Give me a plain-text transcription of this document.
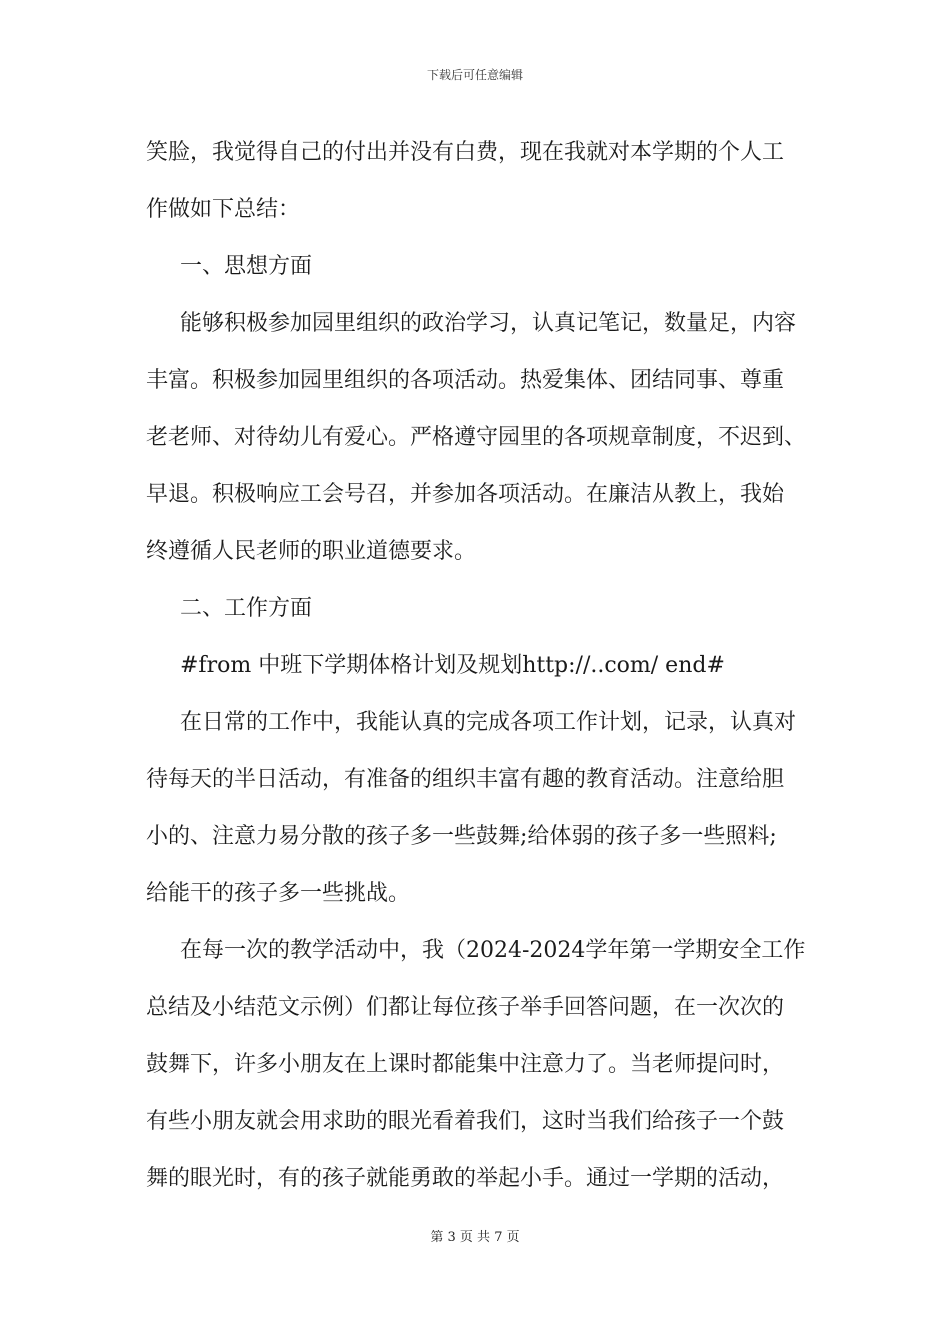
下载后可任意编辑
笑脸，我觉得自己的付出并没有白费，现在我就对本学期的个人工
作做如下总结：
一、思想方面
能够积极参加园里组织的政治学习，认真记笔记，数量足，内容
丰富。积极参加园里组织的各项活动。热爱集体、团结同事、尊重
老老师、对待幼儿有爱心。严格遵守园里的各项规章制度，不迟到、
早退。积极响应工会号召，并参加各项活动。在廉洁从教上，我始
终遵循人民老师的职业道德要求。
二、工作方面
#from 中班下学期体格计划及规划http://..com/ end#
在日常的工作中，我能认真的完成各项工作计划，记录，认真对
待每天的半日活动，有准备的组织丰富有趣的教育活动。注意给胆
小的、注意力易分散的孩子多一些鼓舞;给体弱的孩子多一些照料;
给能干的孩子多一些挑战。
在每一次的教学活动中，我（2024-2024学年第一学期安全工作
总结及小结范文示例）们都让每位孩子举手回答问题，在一次次的
鼓舞下，许多小朋友在上课时都能集中注意力了。当老师提问时，
有些小朋友就会用求助的眼光看着我们，这时当我们给孩子一个鼓
舞的眼光时，有的孩子就能勇敢的举起小手。通过一学期的活动，
第 3 页 共 7 页
